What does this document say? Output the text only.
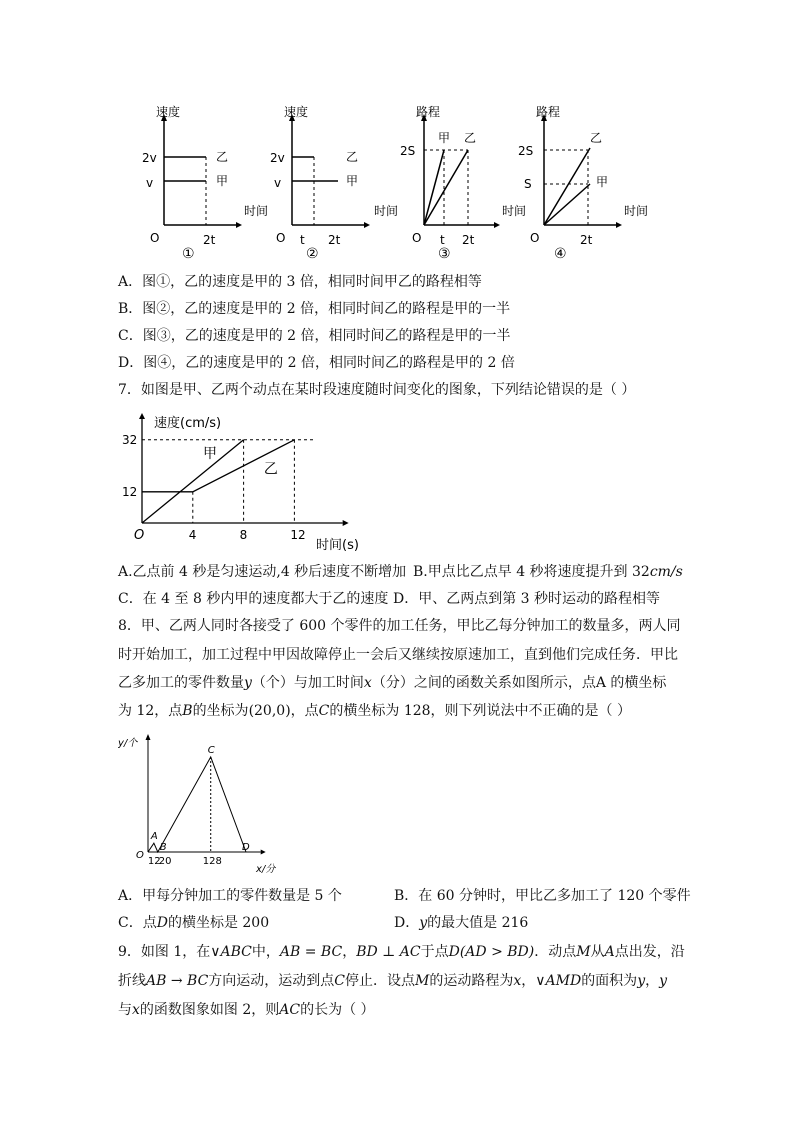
速度
时间
O
2v
v
2t
乙
甲
①
速度
时间
O
2v
v
t 2t
乙
甲
②
路程
时间
O
2S
t 2t
甲 乙
③
路程
时间
O
2S
S
2t
乙
甲
④
A．图①，乙的速度是甲的 3 倍，相同时间甲乙的路程相等
B．图②，乙的速度是甲的 2 倍，相同时间乙的路程是甲的一半
C．图③，乙的速度是甲的 2 倍，相同时间乙的路程是甲的一半
D．图④，乙的速度是甲的 2 倍，相同时间乙的路程是甲的 2 倍
7．如图是甲、乙两个动点在某时段速度随时间变化的图象，下列结论错误的是（ ）
速度(cm/s)
时间(s)
O	4	8	12
12
32
甲
乙
A.乙点前 4 秒是匀速运动,4 秒后速度不断增加 B.甲点比乙点早 4 秒将速度提升到 32cm/s
C．在 4 至 8 秒内甲的速度都大于乙的速度 D．甲、乙两点到第 3 秒时运动的路程相等
8．甲、乙两人同时各接受了 600 个零件的加工任务，甲比乙每分钟加工的数量多，两人同
时开始加工，加工过程中甲因故障停止一会后又继续按原速加工，直到他们完成任务．甲比
乙多加工的零件数量y（个）与加工时间x（分）之间的函数关系如图所示，点A 的横坐标
为 12，点B的坐标为(20,0)，点C的横坐标为 128，则下列说法中不正确的是（ ）
y/个
x/分
O
A
B
C
D
12
20	128
A．甲每分钟加工的零件数量是 5 个	B．在 60 分钟时，甲比乙多加工了 120 个零件
C．点D的横坐标是 200	D．y的最大值是 216
9．如图 1，在∨ABC中，AB = BC，BD ⊥ AC于点D(AD > BD)．动点M从A点出发，沿
折线AB → BC方向运动，运动到点C停止．设点M的运动路程为x，∨AMD的面积为y，y
与x的函数图象如图 2，则AC的长为（ ）
